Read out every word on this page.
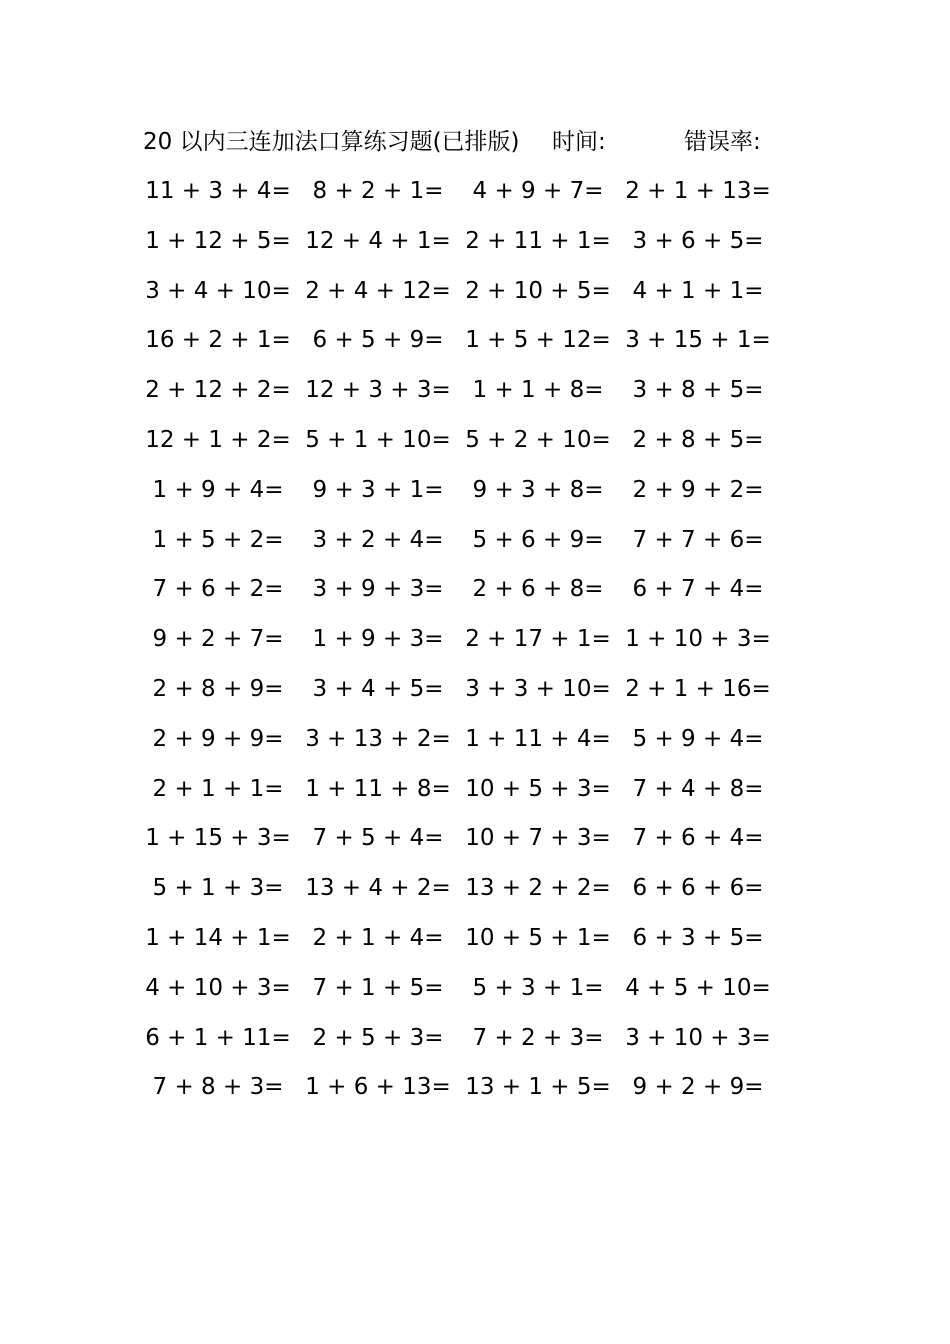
20 以内三连加法口算练习题(已排版) 时间:	错误率:
11 + 3 + 4= 8 + 2 + 1=	4 + 9 + 7= 2 + 1 + 13=
1 + 12 + 5= 12 + 4 + 1= 2 + 11 + 1= 3 + 6 + 5=
3 + 4 + 10= 2 + 4 + 12= 2 + 10 + 5= 4 + 1 + 1=
16 + 2 + 1= 6 + 5 + 9= 1 + 5 + 12= 3 + 15 + 1=
2 + 12 + 2= 12 + 3 + 3= 1 + 1 + 8=	3 + 8 + 5=
12 + 1 + 2= 5 + 1 + 10= 5 + 2 + 10= 2 + 8 + 5=
1 + 9 + 4=	9 + 3 + 1=	9 + 3 + 8=	2 + 9 + 2=
1 + 5 + 2=	3 + 2 + 4=	5 + 6 + 9=	7 + 7 + 6=
7 + 6 + 2=	3 + 9 + 3=	2 + 6 + 8=	6 + 7 + 4=
9 + 2 + 7=	1 + 9 + 3= 2 + 17 + 1= 1 + 10 + 3=
2 + 8 + 9=	3 + 4 + 5= 3 + 3 + 10= 2 + 1 + 16=
2 + 9 + 9= 3 + 13 + 2= 1 + 11 + 4= 5 + 9 + 4=
2 + 1 + 1= 1 + 11 + 8= 10 + 5 + 3= 7 + 4 + 8=
1 + 15 + 3= 7 + 5 + 4= 10 + 7 + 3= 7 + 6 + 4=
5 + 1 + 3= 13 + 4 + 2= 13 + 2 + 2= 6 + 6 + 6=
1 + 14 + 1= 2 + 1 + 4= 10 + 5 + 1= 6 + 3 + 5=
4 + 10 + 3= 7 + 1 + 5=	5 + 3 + 1= 4 + 5 + 10=
6 + 1 + 11= 2 + 5 + 3=	7 + 2 + 3= 3 + 10 + 3=
7 + 8 + 3= 1 + 6 + 13= 13 + 1 + 5= 9 + 2 + 9=
